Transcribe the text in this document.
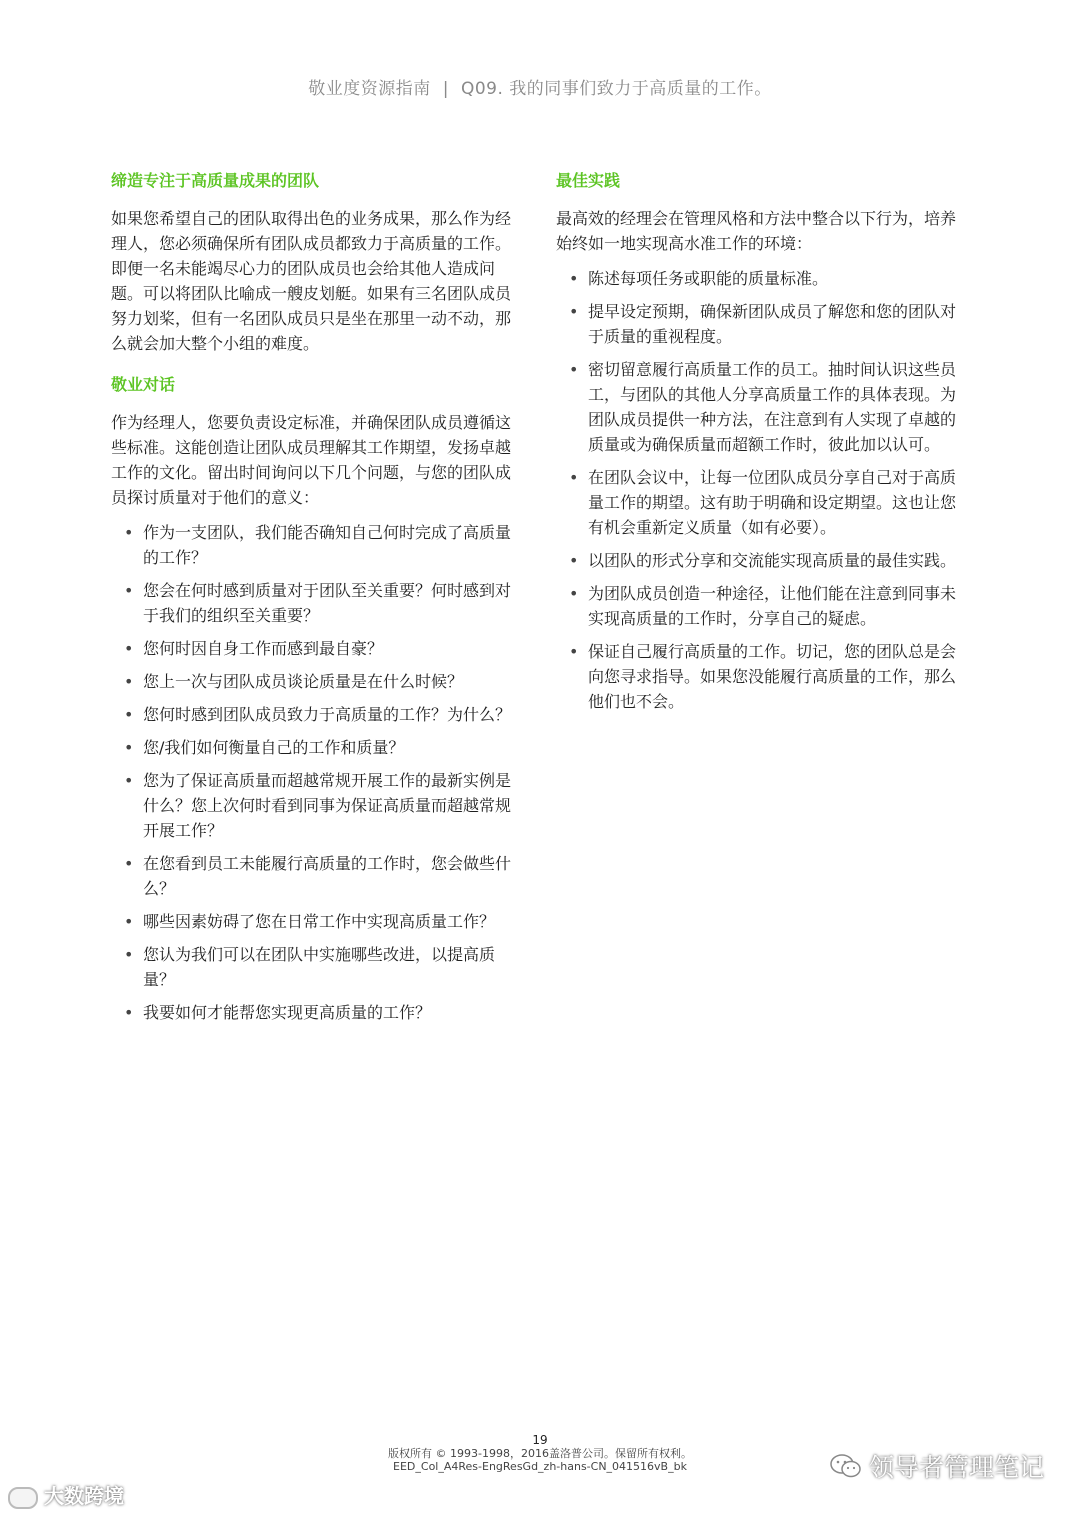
敬业度资源指南 | Q09. 我的同事们致力于高质量的工作。
缔造专注于高质量成果的团队
如果您希望自己的团队取得出色的业务成果，那么作为经理人，您必须确保所有团队成员都致力于高质量的工作。即便一名未能竭尽心力的团队成员也会给其他人造成问题。可以将团队比喻成一艘皮划艇。如果有三名团队成员努力划桨，但有一名团队成员只是坐在那里一动不动，那么就会加大整个小组的难度。
敬业对话
作为经理人，您要负责设定标准，并确保团队成员遵循这些标准。这能创造让团队成员理解其工作期望，发扬卓越工作的文化。留出时间询问以下几个问题，与您的团队成员探讨质量对于他们的意义：
• 作为一支团队，我们能否确知自己何时完成了高质量的工作？
• 您会在何时感到质量对于团队至关重要？何时感到对于我们的组织至关重要？
• 您何时因自身工作而感到最自豪？
• 您上一次与团队成员谈论质量是在什么时候？
• 您何时感到团队成员致力于高质量的工作？为什么？
• 您/我们如何衡量自己的工作和质量？
• 您为了保证高质量而超越常规开展工作的最新实例是什么？您上次何时看到同事为保证高质量而超越常规开展工作？
• 在您看到员工未能履行高质量的工作时，您会做些什么？
• 哪些因素妨碍了您在日常工作中实现高质量工作？
• 您认为我们可以在团队中实施哪些改进，以提高质量？
• 我要如何才能帮您实现更高质量的工作？
最佳实践
最高效的经理会在管理风格和方法中整合以下行为，培养始终如一地实现高水准工作的环境：
• 陈述每项任务或职能的质量标准。
• 提早设定预期，确保新团队成员了解您和您的团队对于质量的重视程度。
• 密切留意履行高质量工作的员工。抽时间认识这些员工，与团队的其他人分享高质量工作的具体表现。为团队成员提供一种方法，在注意到有人实现了卓越的质量或为确保质量而超额工作时，彼此加以认可。
• 在团队会议中，让每一位团队成员分享自己对于高质量工作的期望。这有助于明确和设定期望。这也让您有机会重新定义质量（如有必要）。
• 以团队的形式分享和交流能实现高质量的最佳实践。
• 为团队成员创造一种途径，让他们能在注意到同事未实现高质量的工作时，分享自己的疑虑。
• 保证自己履行高质量的工作。切记，您的团队总是会向您寻求指导。如果您没能履行高质量的工作，那么他们也不会。
19
版权所有 © 1993-1998，2016盖洛普公司。保留所有权利。
EED_Col_A4Res-EngResGd_zh-hans-CN_041516vB_bk
大数跨境
领导者管理笔记
